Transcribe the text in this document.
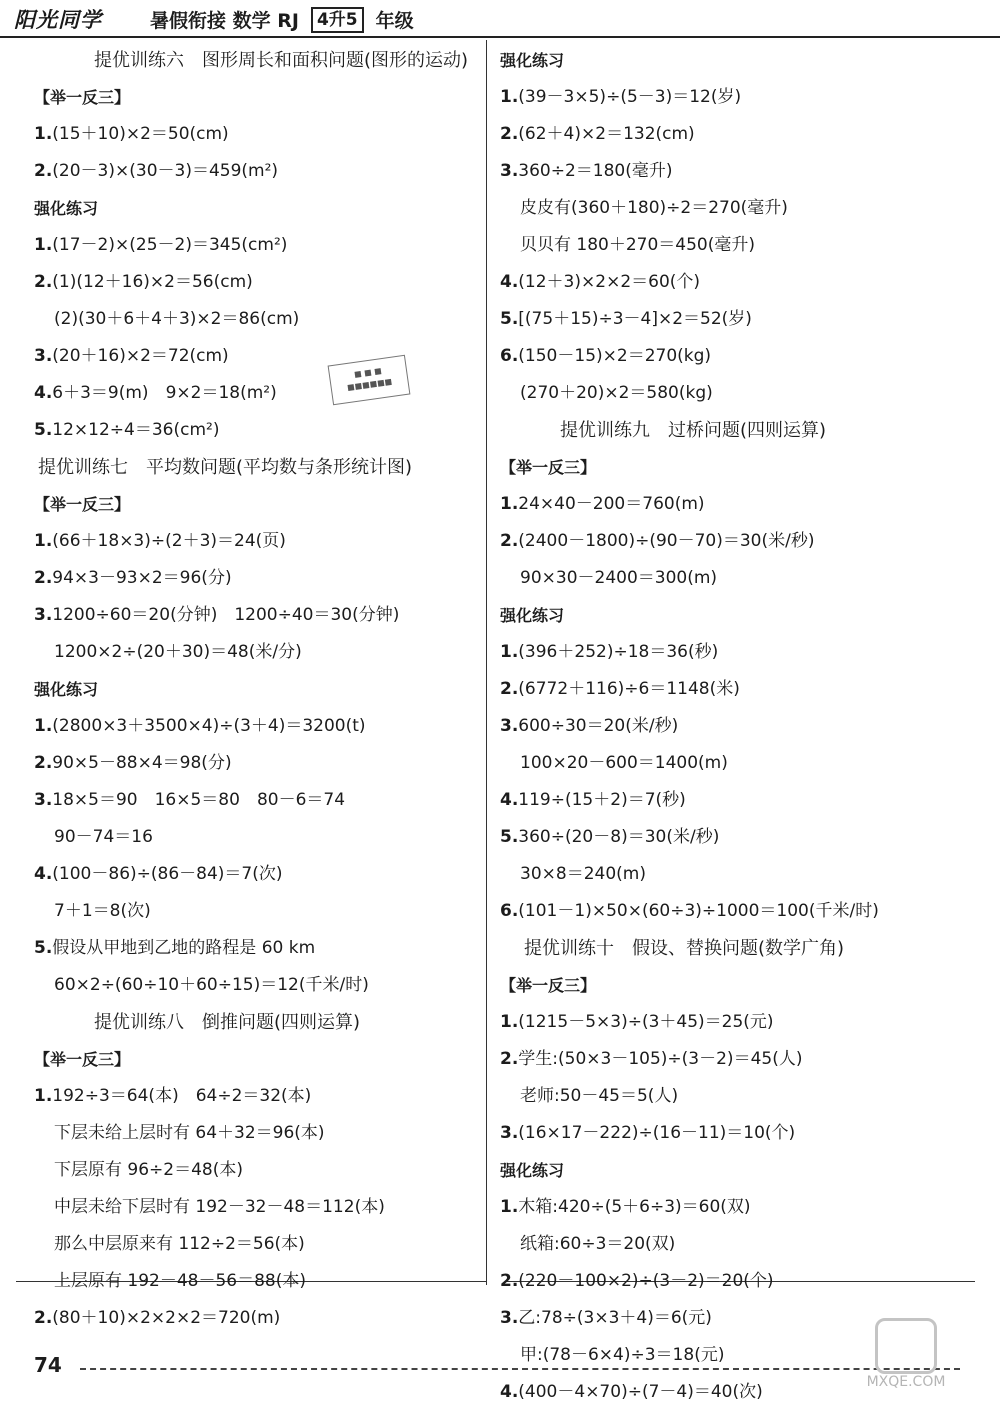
阳光同学	暑假衔接 数学 RJ	4升5 年级
提优训练六　图形周长和面积问题(图形的运动)
【举一反三】
1.(15＋10)×2＝50(cm)
2.(20－3)×(30－3)＝459(m²)
强化练习
1.(17－2)×(25－2)＝345(cm²)
2.(1)(12＋16)×2＝56(cm)
(2)(30＋6＋4＋3)×2＝86(cm)
3.(20＋16)×2＝72(cm)
4.6＋3＝9(m)　9×2＝18(m²)
5.12×12÷4＝36(cm²)
提优训练七　平均数问题(平均数与条形统计图)
【举一反三】
1.(66＋18×3)÷(2＋3)＝24(页)
2.94×3－93×2＝96(分)
3.1200÷60＝20(分钟)　1200÷40＝30(分钟)
1200×2÷(20＋30)＝48(米/分)
强化练习
1.(2800×3＋3500×4)÷(3＋4)＝3200(t)
2.90×5－88×4＝98(分)
3.18×5＝90　16×5＝80　80－6＝74
90－74＝16
4.(100－86)÷(86－84)＝7(次)
7＋1＝8(次)
5.假设从甲地到乙地的路程是 60 km
60×2÷(60÷10＋60÷15)＝12(千米/时)
提优训练八　倒推问题(四则运算)
【举一反三】
1.192÷3＝64(本)　64÷2＝32(本)
下层未给上层时有 64＋32＝96(本)
下层原有 96÷2＝48(本)
中层未给下层时有 192－32－48＝112(本)
那么中层原来有 112÷2＝56(本)
上层原有 192－48－56＝88(本)
2.(80＋10)×2×2×2＝720(m)
强化练习
1.(39－3×5)÷(5－3)＝12(岁)
2.(62＋4)×2＝132(cm)
3.360÷2＝180(毫升)
皮皮有(360＋180)÷2＝270(毫升)
贝贝有 180＋270＝450(毫升)
4.(12＋3)×2×2＝60(个)
5.[(75＋15)÷3－4]×2＝52(岁)
6.(150－15)×2＝270(kg)
(270＋20)×2＝580(kg)
提优训练九　过桥问题(四则运算)
【举一反三】
1.24×40－200＝760(m)
2.(2400－1800)÷(90－70)＝30(米/秒)
90×30－2400＝300(m)
强化练习
1.(396＋252)÷18＝36(秒)
2.(6772＋116)÷6＝1148(米)
3.600÷30＝20(米/秒)
100×20－600＝1400(m)
4.119÷(15＋2)＝7(秒)
5.360÷(20－8)＝30(米/秒)
30×8＝240(m)
6.(101－1)×50×(60÷3)÷1000＝100(千米/时)
提优训练十　假设、替换问题(数学广角)
【举一反三】
1.(1215－5×3)÷(3＋45)＝25(元)
2.学生:(50×3－105)÷(3－2)＝45(人)
老师:50－45＝5(人)
3.(16×17－222)÷(16－11)＝10(个)
强化练习
1.木箱:420÷(5＋6÷3)＝60(双)
纸箱:60÷3＝20(双)
2.(220－100×2)÷(3－2)＝20(个)
3.乙:78÷(3×3＋4)＝6(元)
甲:(78－6×4)÷3＝18(元)
4.(400－4×70)÷(7－4)＝40(次)
■ ■ ■
■■■■■■
74
MXQE.COM
